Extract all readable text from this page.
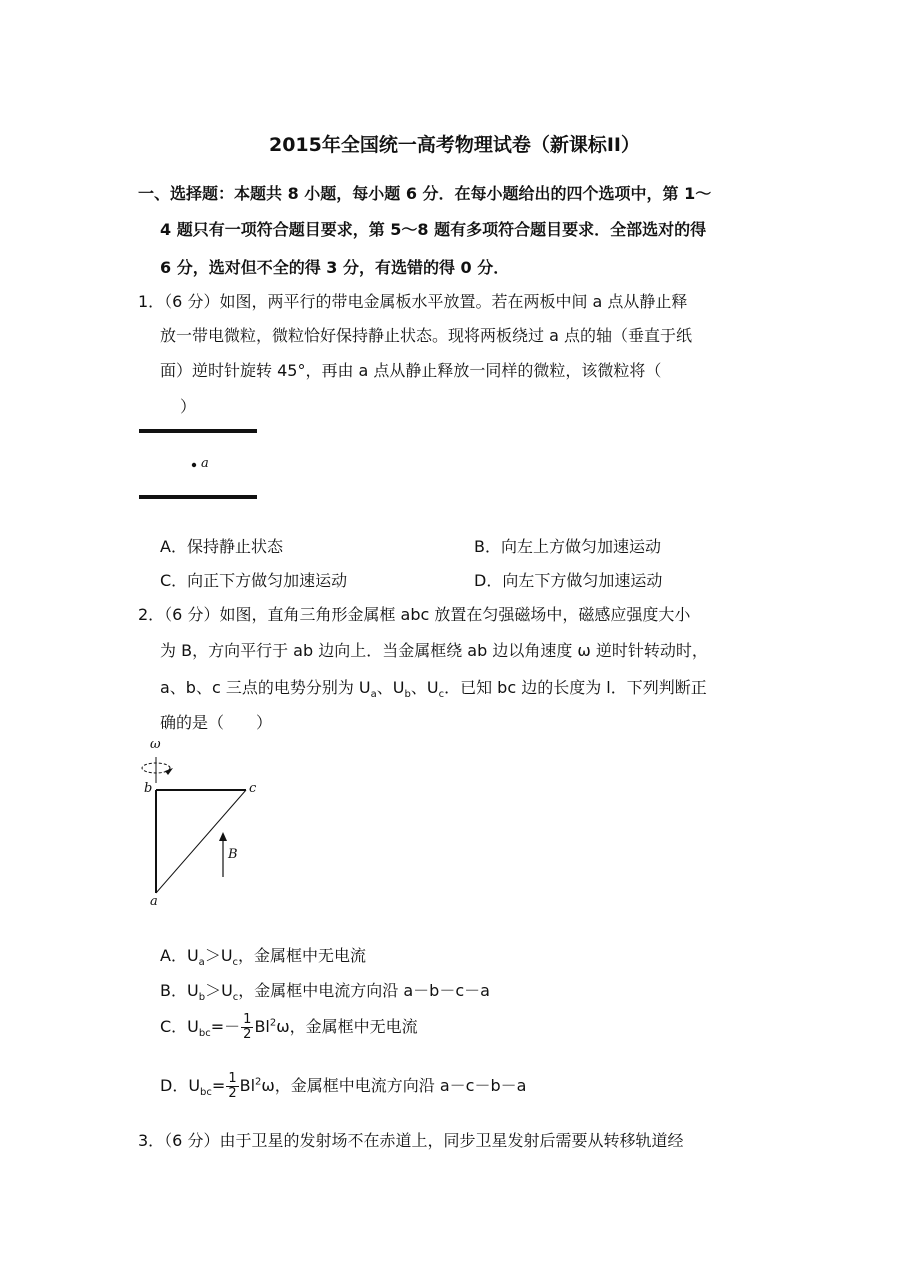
2015年全国统一高考物理试卷（新课标II）
一、选择题：本题共 8 小题，每小题 6 分．在每小题给出的四个选项中，第 1～
4 题只有一项符合题目要求，第 5～8 题有多项符合题目要求．全部选对的得
6 分，选对但不全的得 3 分，有选错的得 0 分．
1．（6 分）如图，两平行的带电金属板水平放置。若在两板中间 a 点从静止释
放一带电微粒，微粒恰好保持静止状态。现将两板绕过 a 点的轴（垂直于纸
面）逆时针旋转 45°，再由 a 点从静止释放一同样的微粒，该微粒将（
）
a
A．保持静止状态	B．向左上方做匀加速运动
C．向正下方做匀加速运动	D．向左下方做匀加速运动
2．（6 分）如图，直角三角形金属框 abc 放置在匀强磁场中，磁感应强度大小
为 B，方向平行于 ab 边向上．当金属框绕 ab 边以角速度 ω 逆时针转动时，
a、b、c 三点的电势分别为 $U_a$、$U_b$、$U_c$．已知 bc 边的长度为 l．下列判断正
确的是（　　）
ω
b	c
a
B
A．$U_a>U_c$，金属框中无电流
B．$U_b>U_c$，金属框中电流方向沿 a－b－c－a
C．$U_{bc}=- \frac{1}{2} Bl^2\omega$，金属框中无电流
D．$U_{bc}= \frac{1}{2} Bl^2\omega$，金属框中电流方向沿 a－c－b－a
3．（6 分）由于卫星的发射场不在赤道上，同步卫星发射后需要从转移轨道经
